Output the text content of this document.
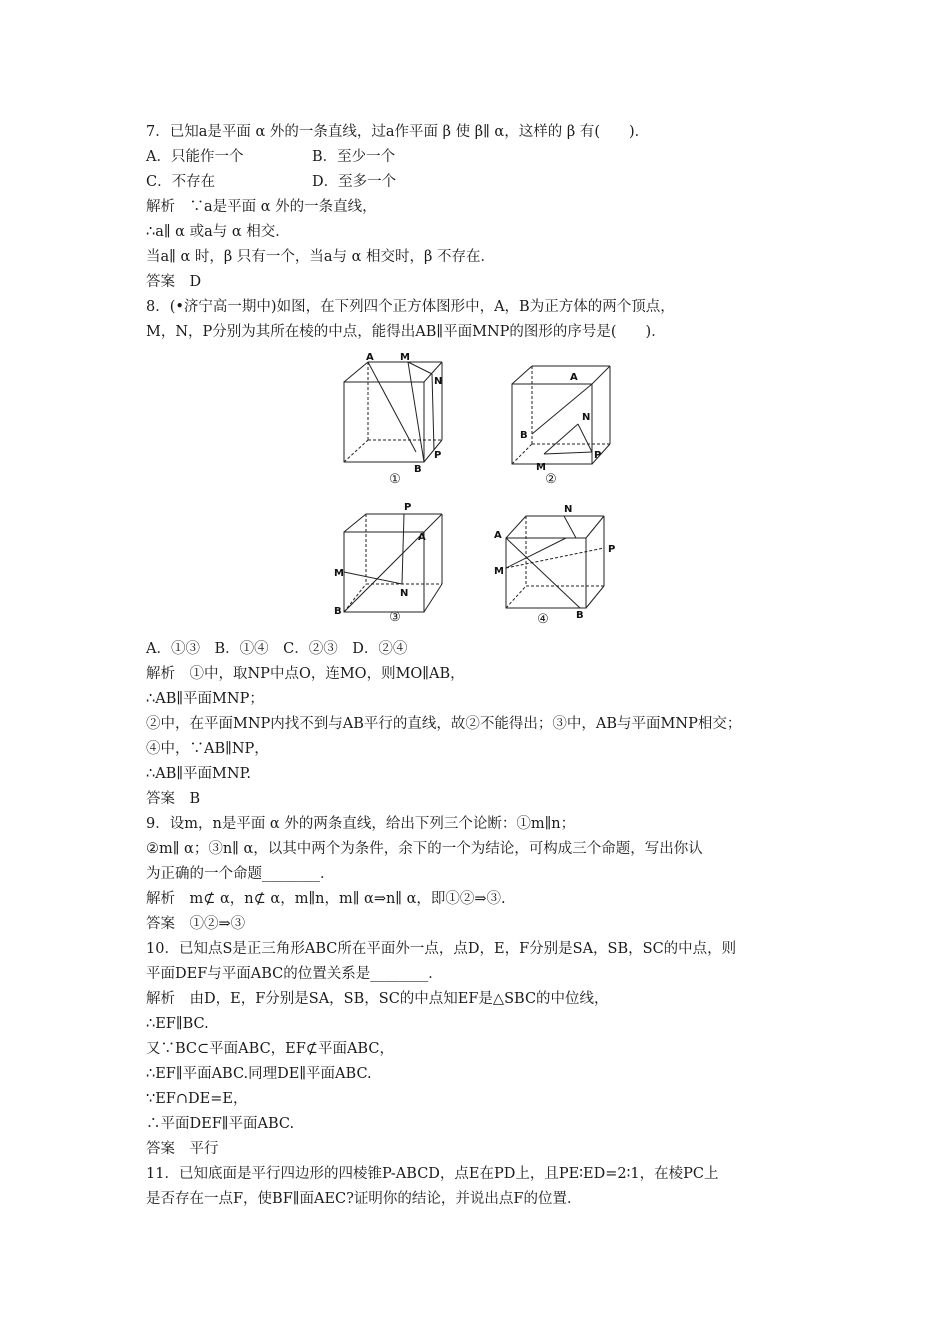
7．已知a是平面 α 外的一条直线，过a作平面 β 使 β∥ α，这样的 β 有(　　)．
A．只能作一个	B．至少一个
C．不存在	D．至多一个
解析　∵a是平面 α 外的一条直线，
∴a∥ α 或a与 α 相交．
当a∥ α 时，β 只有一个，当a与 α 相交时，β 不存在．
答案　D
8．(•济宁高一期中)如图，在下列四个正方体图形中，A，B为正方体的两个顶点，
M，N，P分别为其所在棱的中点，能得出AB∥平面MNP的图形的序号是(　　)．
A	M
N
P
B
①
A
N
B
P
M
②
P
A
M
N
B	③
N
A
P
M
B
④
A．①③　B．①④　C．②③　D．②④
解析　①中，取NP中点O，连MO，则MO∥AB，
∴AB∥平面MNP；
②中，在平面MNP内找不到与AB平行的直线，故②不能得出；③中，AB与平面MNP相交；
④中，∵AB∥NP，
∴AB∥平面MNP.
答案　B
9．设m，n是平面 α 外的两条直线，给出下列三个论断：①m∥n；
②m∥ α；③n∥ α，以其中两个为条件，余下的一个为结论，可构成三个命题，写出你认
为正确的一个命题________．
解析　m⊄ α，n⊄ α，m∥n，m∥ α⇒n∥ α，即①②⇒③.
答案　①②⇒③
10．已知点S是正三角形ABC所在平面外一点，点D，E，F分别是SA，SB，SC的中点，则
平面DEF与平面ABC的位置关系是________．
解析　由D，E，F分别是SA，SB，SC的中点知EF是△SBC的中位线，
∴EF∥BC.
又∵BC⊂平面ABC，EF⊄平面ABC，
∴EF∥平面ABC.同理DE∥平面ABC.
∵EF∩DE=E，
∴平面DEF∥平面ABC.
答案　平行
11．已知底面是平行四边形的四棱锥P-ABCD，点E在PD上，且PE∶ED=2∶1，在棱PC上
是否存在一点F，使BF∥面AEC?证明你的结论，并说出点F的位置．
